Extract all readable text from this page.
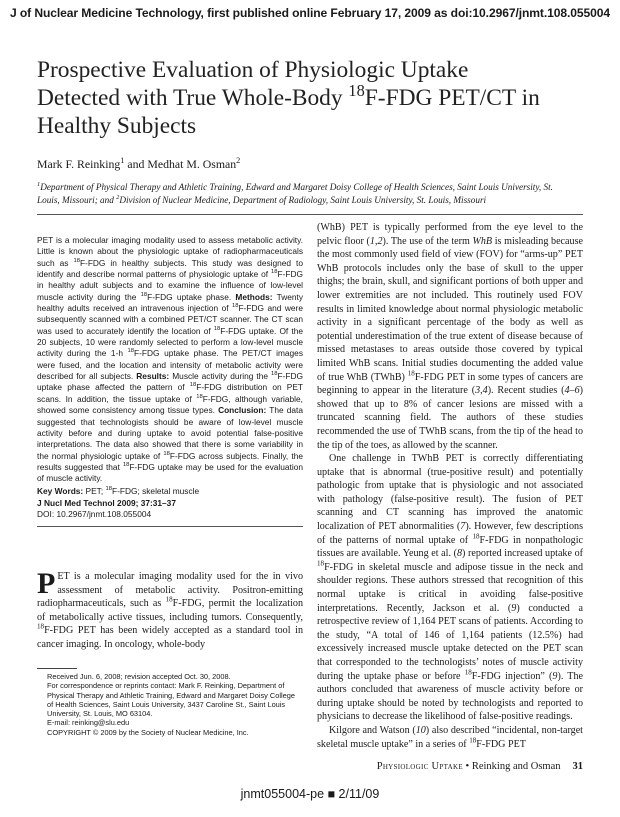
J of Nuclear Medicine Technology, first published online February 17, 2009 as doi:10.2967/jnmt.108.055004
Prospective Evaluation of Physiologic Uptake Detected with True Whole-Body $^{18}$F-FDG PET/CT in Healthy Subjects
Mark F. Reinking$^1$ and Medhat M. Osman$^2$
$^1$Department of Physical Therapy and Athletic Training, Edward and Margaret Doisy College of Health Sciences, Saint Louis University, St. Louis, Missouri; and $^2$Division of Nuclear Medicine, Department of Radiology, Saint Louis University, St. Louis, Missouri

PET is a molecular imaging modality used to assess metabolic activity. Little is known about the physiologic uptake of radiopharmaceuticals such as $^{18}$F-FDG in healthy subjects. This study was designed to identify and describe normal patterns of physiologic uptake of $^{18}$F-FDG in healthy adult subjects and to examine the influence of low-level muscle activity during the $^{18}$F-FDG uptake phase. Methods: Twenty healthy adults received an intravenous injection of $^{18}$F-FDG and were subsequently scanned with a combined PET/CT scanner. The CT scan was used to accurately identify the location of $^{18}$F-FDG uptake. Of the 20 subjects, 10 were randomly selected to perform a low-level muscle activity during the 1-h $^{18}$F-FDG uptake phase. The PET/CT images were fused, and the location and intensity of metabolic activity were described for all subjects. Results: Muscle activity during the $^{18}$F-FDG uptake phase affected the pattern of $^{18}$F-FDG distribution on PET scans. In addition, the tissue uptake of $^{18}$F-FDG, although variable, showed some consistency among tissue types. Conclusion: The data suggested that technologists should be aware of low-level muscle activity before and during uptake to avoid potential false-positive interpretations. The data also showed that there is some variability in the normal physiologic uptake of $^{18}$F-FDG across subjects. Finally, the results suggested that $^{18}$F-FDG uptake may be used for the evaluation of muscle activity.

Key Words: PET; $^{18}$F-FDG; skeletal muscle

J Nucl Med Technol 2009; 37:31–37

DOI: 10.2967/jnmt.108.055004

PET is a molecular imaging modality used for the in vivo assessment of metabolic activity. Positron-emitting radiopharmaceuticals, such as $^{18}$F-FDG, permit the localization of metabolically active tissues, including tumors. Consequently, $^{18}$F-FDG PET has been widely accepted as a standard tool in cancer imaging. In oncology, whole-body

Received Jun. 6, 2008; revision accepted Oct. 30, 2008.

For correspondence or reprints contact: Mark F. Reinking, Department of Physical Therapy and Athletic Training, Edward and Margaret Doisy College of Health Sciences, Saint Louis University, 3437 Caroline St., Saint Louis University, St. Louis, MO 63104.

E-mail: reinking@slu.edu

COPYRIGHT © 2009 by the Society of Nuclear Medicine, Inc.

(WhB) PET is typically performed from the eye level to the pelvic floor (1,2). The use of the term WhB is misleading because the most commonly used field of view (FOV) for “arms-up” PET WhB protocols includes only the base of skull to the upper thighs; the brain, skull, and significant portions of both upper and lower extremities are not included. This routinely used FOV results in limited knowledge about normal physiologic metabolic activity in a significant percentage of the body as well as potential underestimation of the true extent of disease because of missed metastases to areas outside those covered by typical limited WhB scans. Initial studies documenting the added value of true WhB (TWhB) $^{18}$F-FDG PET in some types of cancers are beginning to appear in the literature (3,4). Recent studies (4–6) showed that up to 8% of cancer lesions are missed with a truncated scanning field. The authors of these studies recommended the use of TWhB scans, from the tip of the head to the tip of the toes, as allowed by the scanner.

One challenge in TWhB PET is correctly differentiating uptake that is abnormal (true-positive result) and potentially pathologic from uptake that is physiologic and not associated with pathology (false-positive result). The fusion of PET scanning and CT scanning has improved the anatomic localization of PET abnormalities (7). However, few descriptions of the patterns of normal uptake of $^{18}$F-FDG in nonpathologic tissues are available. Yeung et al. (8) reported increased uptake of $^{18}$F-FDG in skeletal muscle and adipose tissue in the neck and shoulder regions. These authors stressed that recognition of this normal uptake is critical in avoiding false-positive interpretations. Recently, Jackson et al. (9) conducted a retrospective review of 1,164 PET scans of patients. According to the study, “A total of 146 of 1,164 patients (12.5%) had excessively increased muscle uptake detected on the PET scan that corresponded to the technologists’ notes of muscle activity during the uptake phase or before $^{18}$F-FDG injection” (9). The authors concluded that awareness of muscle activity before or during uptake should be noted by technologists and reported to physicians to decrease the likelihood of false-positive readings.

Kilgore and Watson (10) also described “incidental, non-target skeletal muscle uptake” in a series of $^{18}$F-FDG PET

Physiologic Uptake • Reinking and Osman 31
jnmt055004-pe ■ 2/11/09
